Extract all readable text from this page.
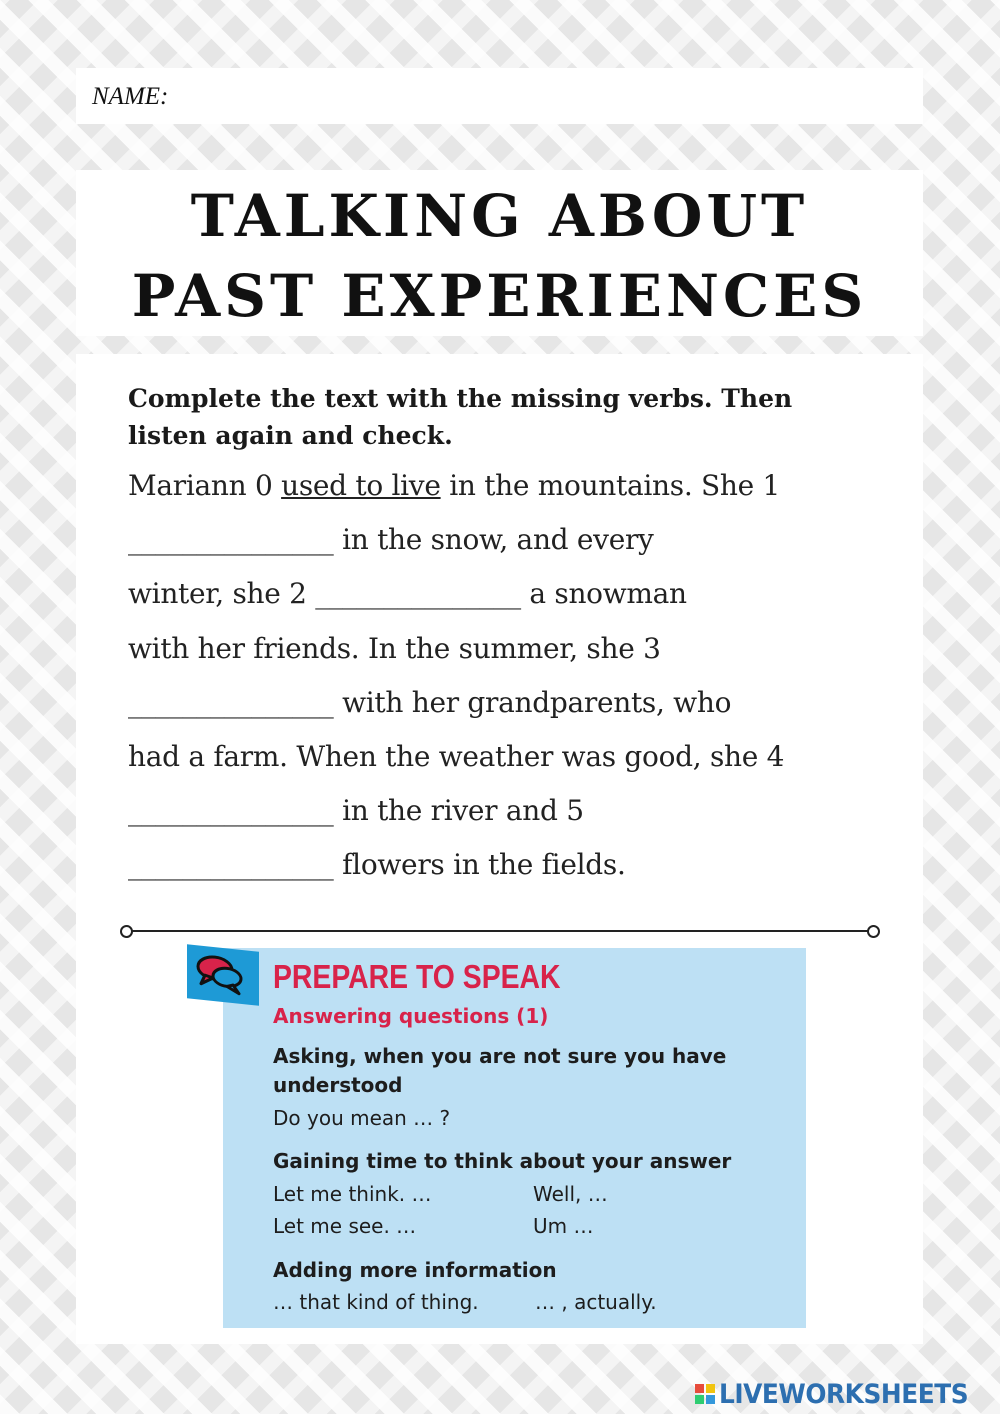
NAME:
TALKING ABOUT
PAST EXPERIENCES
Complete the text with the missing verbs. Then listen again and check.
Mariann 0 used to live in the mountains. She 1
_______________ in the snow, and every
winter, she 2 _______________ a snowman
with her friends. In the summer, she 3
_______________ with her grandparents, who
had a farm. When the weather was good, she 4
_______________ in the river and 5
_______________ flowers in the fields.
PREPARE TO SPEAK
Answering questions (1)
Asking, when you are not sure you have
understood
Do you mean … ?
Gaining time to think about your answer
Let me think. …	Well, …
Let me see. …	Um …
Adding more information
… that kind of thing.	… , actually.
LIVEWORKSHEETS
